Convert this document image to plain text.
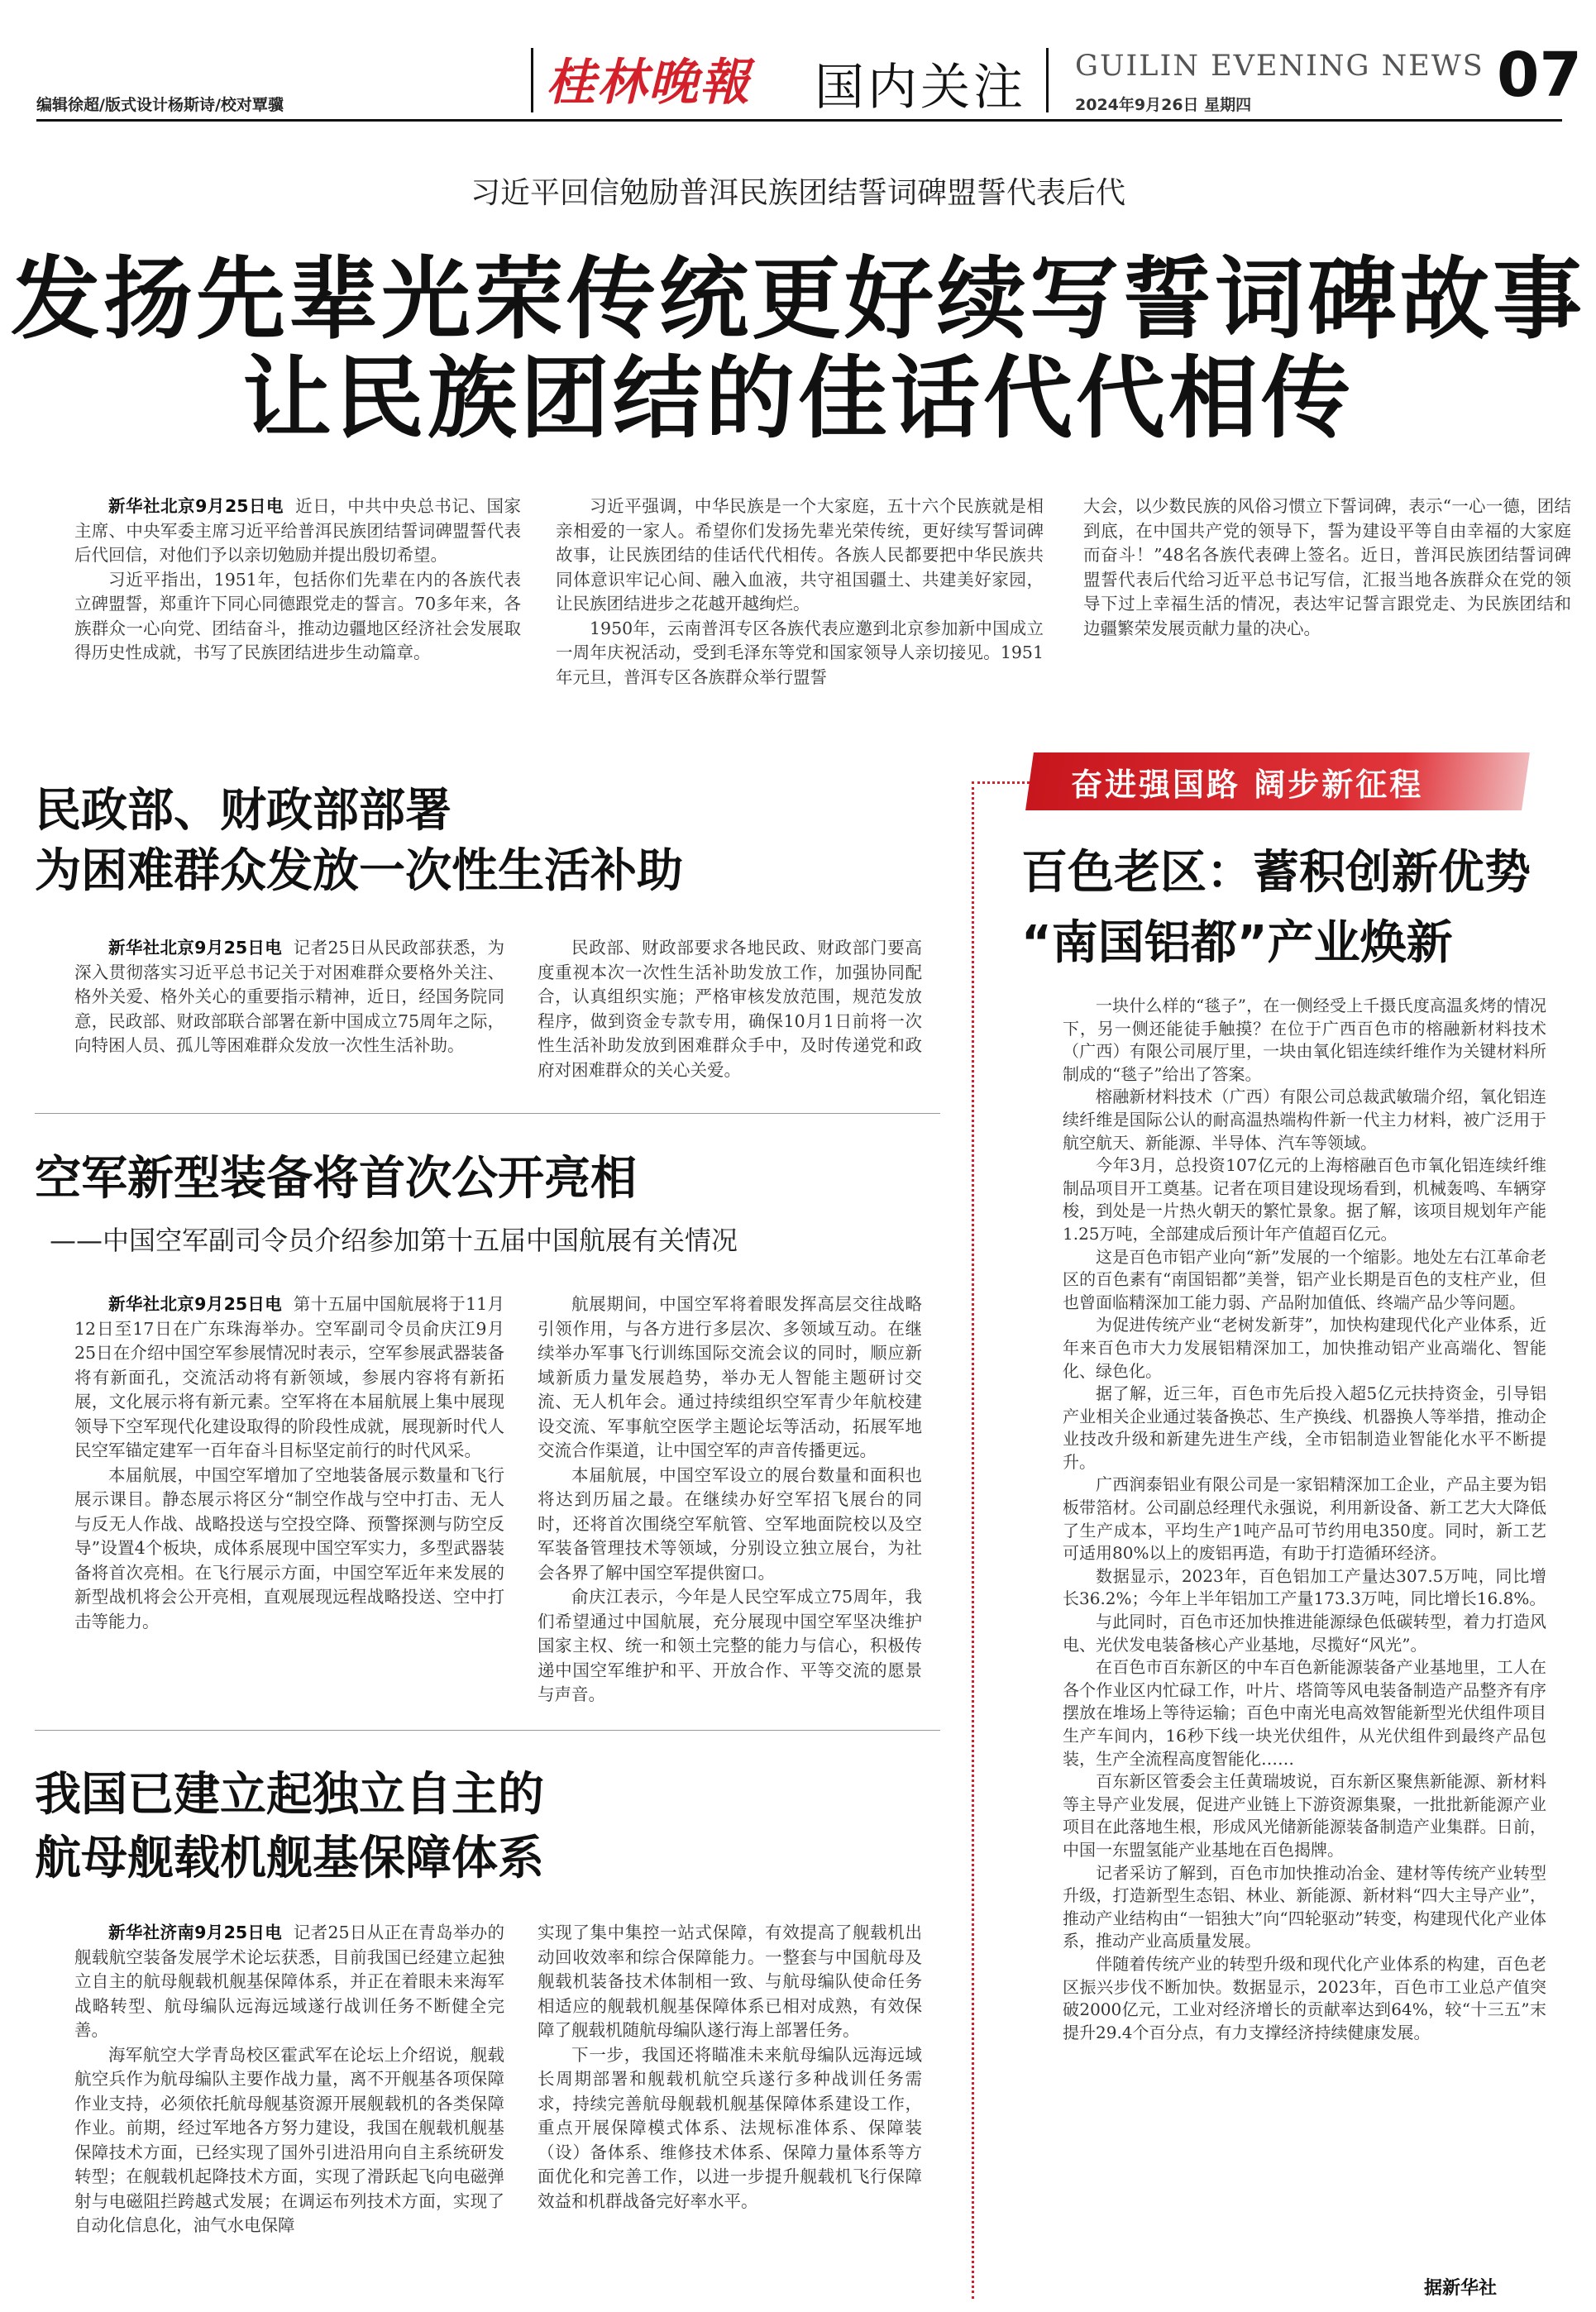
编辑徐超/版式设计杨斯诗/校对覃骥	桂林晚報 国内关注 GUILIN EVENING NEWS
2024年9月26日 星期四	07
习近平回信勉励普洱民族团结誓词碑盟誓代表后代
发扬先辈光荣传统更好续写誓词碑故事
让民族团结的佳话代代相传

新华社北京9月25日电 近日，中共中央总书记、国家主席、中央军委主席习近平给普洱民族团结誓词碑盟誓代表后代回信，对他们予以亲切勉励并提出殷切希望。

习近平指出，1951年，包括你们先辈在内的各族代表立碑盟誓，郑重许下同心同德跟党走的誓言。70多年来，各族群众一心向党、团结奋斗，推动边疆地区经济社会发展取得历史性成就，书写了民族团结进步生动篇章。

习近平强调，中华民族是一个大家庭，五十六个民族就是相亲相爱的一家人。希望你们发扬先辈光荣传统，更好续写誓词碑故事，让民族团结的佳话代代相传。各族人民都要把中华民族共同体意识牢记心间、融入血液，共守祖国疆土、共建美好家园，让民族团结进步之花越开越绚烂。

1950年，云南普洱专区各族代表应邀到北京参加新中国成立一周年庆祝活动，受到毛泽东等党和国家领导人亲切接见。1951年元旦，普洱专区各族群众举行盟誓

大会，以少数民族的风俗习惯立下誓词碑，表示“一心一德，团结到底，在中国共产党的领导下，誓为建设平等自由幸福的大家庭而奋斗！”48名各族代表碑上签名。近日，普洱民族团结誓词碑盟誓代表后代给习近平总书记写信，汇报当地各族群众在党的领导下过上幸福生活的情况，表达牢记誓言跟党走、为民族团结和边疆繁荣发展贡献力量的决心。

奋进强国路 阔步新征程
民政部、财政部部署
为困难群众发放一次性生活补助

新华社北京9月25日电 记者25日从民政部获悉，为深入贯彻落实习近平总书记关于对困难群众要格外关注、格外关爱、格外关心的重要指示精神，近日，经国务院同意，民政部、财政部联合部署在新中国成立75周年之际，向特困人员、孤儿等困难群众发放一次性生活补助。

民政部、财政部要求各地民政、财政部门要高度重视本次一次性生活补助发放工作，加强协同配合，认真组织实施；严格审核发放范围，规范发放程序，做到资金专款专用，确保10月1日前将一次性生活补助发放到困难群众手中，及时传递党和政府对困难群众的关心关爱。

空军新型装备将首次公开亮相
——中国空军副司令员介绍参加第十五届中国航展有关情况

新华社北京9月25日电 第十五届中国航展将于11月12日至17日在广东珠海举办。空军副司令员俞庆江9月25日在介绍中国空军参展情况时表示，空军参展武器装备将有新面孔，交流活动将有新领域，参展内容将有新拓展，文化展示将有新元素。空军将在本届航展上集中展现领导下空军现代化建设取得的阶段性成就，展现新时代人民空军锚定建军一百年奋斗目标坚定前行的时代风采。

本届航展，中国空军增加了空地装备展示数量和飞行展示课目。静态展示将区分“制空作战与空中打击、无人与反无人作战、战略投送与空投空降、预警探测与防空反导”设置4个板块，成体系展现中国空军实力，多型武器装备将首次亮相。在飞行展示方面，中国空军近年来发展的新型战机将会公开亮相，直观展现远程战略投送、空中打击等能力。

航展期间，中国空军将着眼发挥高层交往战略引领作用，与各方进行多层次、多领域互动。在继续举办军事飞行训练国际交流会议的同时，顺应新域新质力量发展趋势，举办无人智能主题研讨交流、无人机年会。通过持续组织空军青少年航校建设交流、军事航空医学主题论坛等活动，拓展军地交流合作渠道，让中国空军的声音传播更远。

本届航展，中国空军设立的展台数量和面积也将达到历届之最。在继续办好空军招飞展台的同时，还将首次围绕空军航管、空军地面院校以及空军装备管理技术等领域，分别设立独立展台，为社会各界了解中国空军提供窗口。

俞庆江表示，今年是人民空军成立75周年，我们希望通过中国航展，充分展现中国空军坚决维护国家主权、统一和领土完整的能力与信心，积极传递中国空军维护和平、开放合作、平等交流的愿景与声音。

我国已建立起独立自主的
航母舰载机舰基保障体系

新华社济南9月25日电 记者25日从正在青岛举办的舰载航空装备发展学术论坛获悉，目前我国已经建立起独立自主的航母舰载机舰基保障体系，并正在着眼未来海军战略转型、航母编队远海远域遂行战训任务不断健全完善。

海军航空大学青岛校区霍武军在论坛上介绍说，舰载航空兵作为航母编队主要作战力量，离不开舰基各项保障作业支持，必须依托航母舰基资源开展舰载机的各类保障作业。前期，经过军地各方努力建设，我国在舰载机舰基保障技术方面，已经实现了国外引进沿用向自主系统研发转型；在舰载机起降技术方面，实现了滑跃起飞向电磁弹射与电磁阻拦跨越式发展；在调运布列技术方面，实现了自动化信息化，油气水电保障

实现了集中集控一站式保障，有效提高了舰载机出动回收效率和综合保障能力。一整套与中国航母及舰载机装备技术体制相一致、与航母编队使命任务相适应的舰载机舰基保障体系已相对成熟，有效保障了舰载机随航母编队遂行海上部署任务。

下一步，我国还将瞄准未来航母编队远海远域长周期部署和舰载机航空兵遂行多种战训任务需求，持续完善航母舰载机舰基保障体系建设工作，重点开展保障模式体系、法规标准体系、保障装（设）备体系、维修技术体系、保障力量体系等方面优化和完善工作，以进一步提升舰载机飞行保障效益和机群战备完好率水平。

百色老区：蓄积创新优势
“南国铝都”产业焕新

一块什么样的“毯子”，在一侧经受上千摄氏度高温炙烤的情况下，另一侧还能徒手触摸？在位于广西百色市的榕融新材料技术（广西）有限公司展厅里，一块由氧化铝连续纤维作为关键材料所制成的“毯子”给出了答案。

榕融新材料技术（广西）有限公司总裁武敏瑞介绍，氧化铝连续纤维是国际公认的耐高温热端构件新一代主力材料，被广泛用于航空航天、新能源、半导体、汽车等领域。

今年3月，总投资107亿元的上海榕融百色市氧化铝连续纤维制品项目开工奠基。记者在项目建设现场看到，机械轰鸣、车辆穿梭，到处是一片热火朝天的繁忙景象。据了解，该项目规划年产能1.25万吨，全部建成后预计年产值超百亿元。

这是百色市铝产业向“新”发展的一个缩影。地处左右江革命老区的百色素有“南国铝都”美誉，铝产业长期是百色的支柱产业，但也曾面临精深加工能力弱、产品附加值低、终端产品少等问题。

为促进传统产业“老树发新芽”，加快构建现代化产业体系，近年来百色市大力发展铝精深加工，加快推动铝产业高端化、智能化、绿色化。

据了解，近三年，百色市先后投入超5亿元扶持资金，引导铝产业相关企业通过装备换芯、生产换线、机器换人等举措，推动企业技改升级和新建先进生产线，全市铝制造业智能化水平不断提升。

广西润泰铝业有限公司是一家铝精深加工企业，产品主要为铝板带箔材。公司副总经理代永强说，利用新设备、新工艺大大降低了生产成本，平均生产1吨产品可节约用电350度。同时，新工艺可适用80%以上的废铝再造，有助于打造循环经济。

数据显示，2023年，百色铝加工产量达307.5万吨，同比增长36.2%；今年上半年铝加工产量173.3万吨，同比增长16.8%。

与此同时，百色市还加快推进能源绿色低碳转型，着力打造风电、光伏发电装备核心产业基地，尽揽好“风光”。

在百色市百东新区的中车百色新能源装备产业基地里，工人在各个作业区内忙碌工作，叶片、塔筒等风电装备制造产品整齐有序摆放在堆场上等待运输；百色中南光电高效智能新型光伏组件项目生产车间内，16秒下线一块光伏组件，从光伏组件到最终产品包装，生产全流程高度智能化……

百东新区管委会主任黄瑞坡说，百东新区聚焦新能源、新材料等主导产业发展，促进产业链上下游资源集聚，一批批新能源产业项目在此落地生根，形成风光储新能源装备制造产业集群。日前，中国一东盟氢能产业基地在百色揭牌。

记者采访了解到，百色市加快推动冶金、建材等传统产业转型升级，打造新型生态铝、林业、新能源、新材料“四大主导产业”，推动产业结构由“一铝独大”向“四轮驱动”转变，构建现代化产业体系，推动产业高质量发展。

伴随着传统产业的转型升级和现代化产业体系的构建，百色老区振兴步伐不断加快。数据显示，2023年，百色市工业总产值突破2000亿元，工业对经济增长的贡献率达到64%，较“十三五”末提升29.4个百分点，有力支撑经济持续健康发展。

据新华社
